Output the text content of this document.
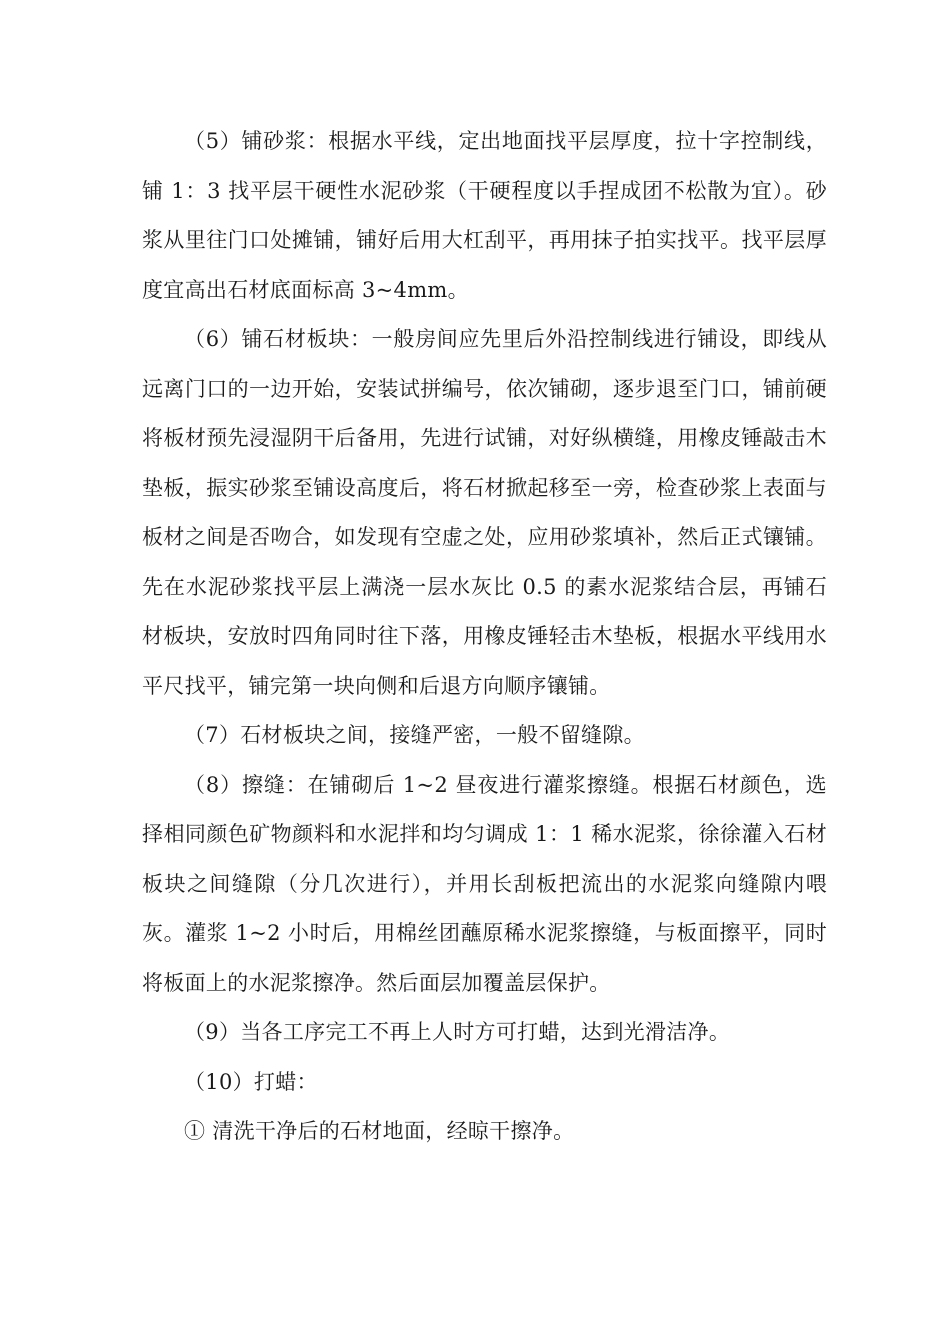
（5）铺砂浆：根据水平线，定出地面找平层厚度，拉十字控制线，铺 1：3 找平层干硬性水泥砂浆（干硬程度以手捏成团不松散为宜）。砂浆从里往门口处摊铺，铺好后用大杠刮平，再用抹子拍实找平。找平层厚度宜高出石材底面标高 3~4mm。

（6）铺石材板块：一般房间应先里后外沿控制线进行铺设，即线从远离门口的一边开始，安装试拼编号，依次铺砌，逐步退至门口，铺前硬将板材预先浸湿阴干后备用，先进行试铺，对好纵横缝，用橡皮锤敲击木垫板，振实砂浆至铺设高度后，将石材掀起移至一旁，检查砂浆上表面与板材之间是否吻合，如发现有空虚之处，应用砂浆填补，然后正式镶铺。先在水泥砂浆找平层上满浇一层水灰比 0.5 的素水泥浆结合层，再铺石材板块，安放时四角同时往下落，用橡皮锤轻击木垫板，根据水平线用水平尺找平，铺完第一块向侧和后退方向顺序镶铺。

（7）石材板块之间，接缝严密，一般不留缝隙。

（8）擦缝：在铺砌后 1~2 昼夜进行灌浆擦缝。根据石材颜色，选择相同颜色矿物颜料和水泥拌和均匀调成 1：1 稀水泥浆，徐徐灌入石材板块之间缝隙（分几次进行），并用长刮板把流出的水泥浆向缝隙内喂灰。灌浆 1~2 小时后，用棉丝团蘸原稀水泥浆擦缝，与板面擦平，同时将板面上的水泥浆擦净。然后面层加覆盖层保护。

（9）当各工序完工不再上人时方可打蜡，达到光滑洁净。

（10）打蜡：

① 清洗干净后的石材地面，经晾干擦净。
